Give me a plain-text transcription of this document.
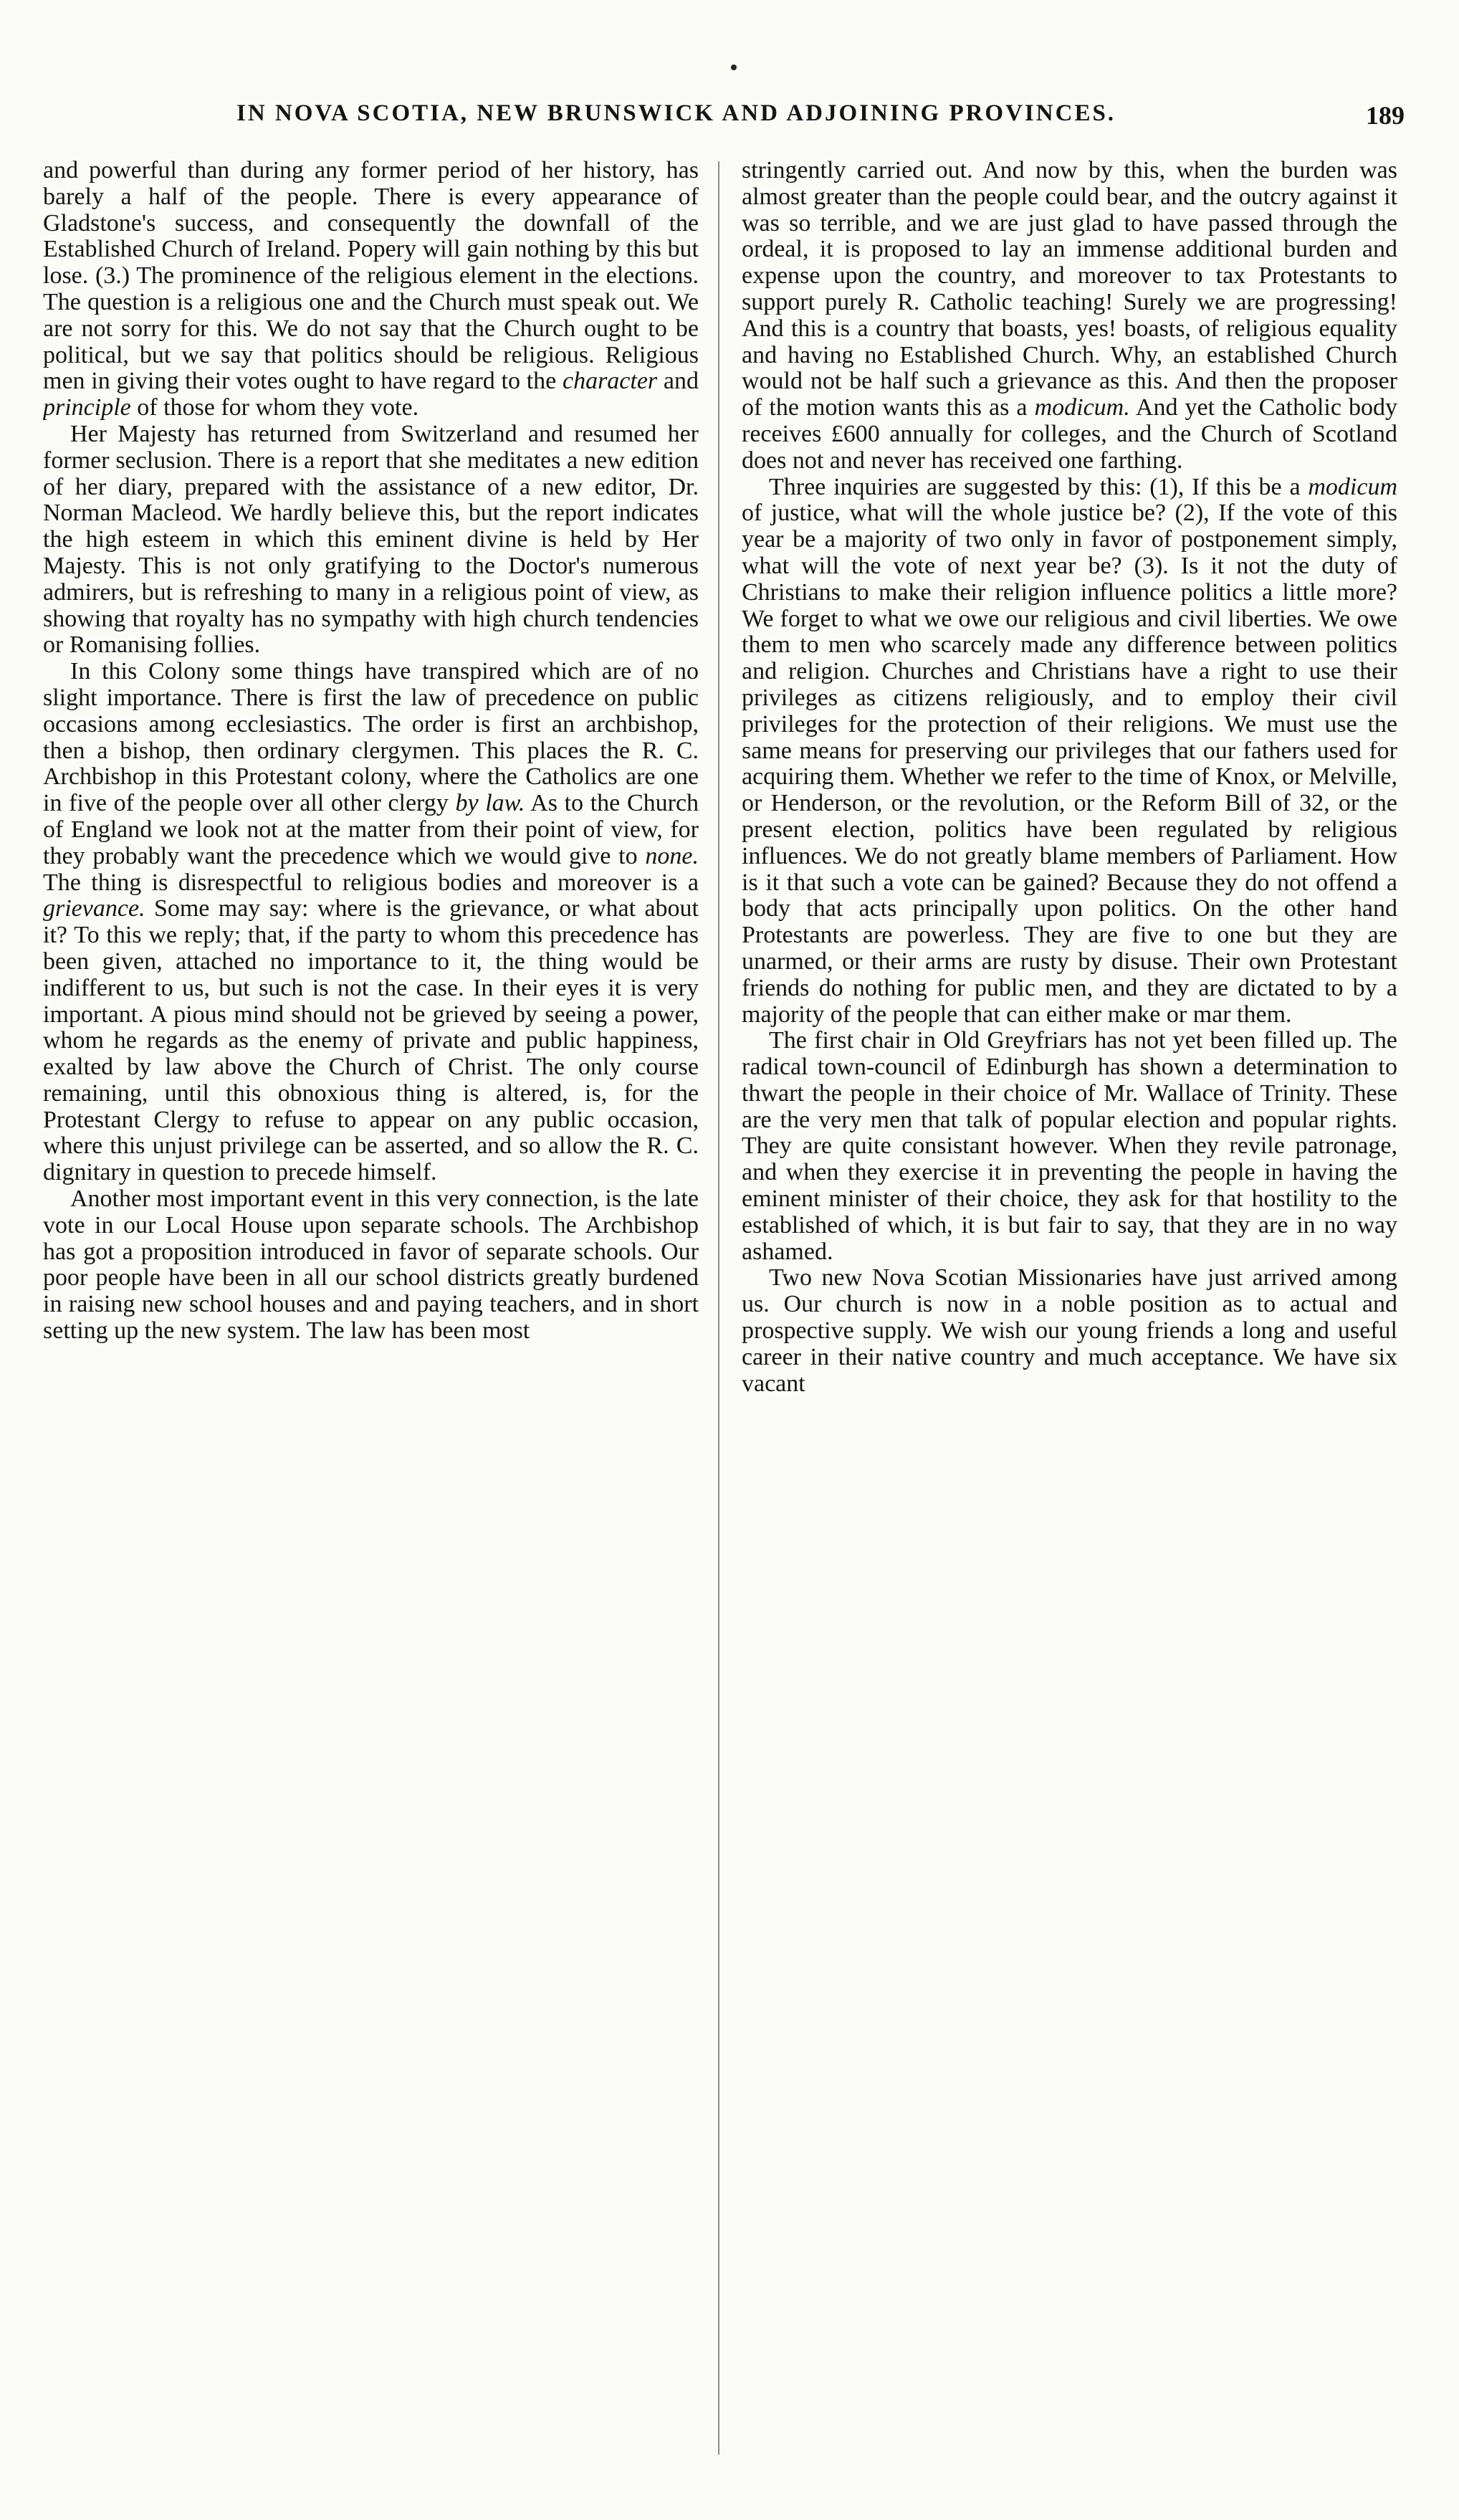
IN NOVA SCOTIA, NEW BRUNSWICK AND ADJOINING PROVINCES.	189

and powerful than during any former period of her history, has barely a half of the people. There is every appearance of Gladstone's success, and consequently the downfall of the Established Church of Ireland. Popery will gain nothing by this but lose. (3.) The prominence of the religious element in the elections. The question is a religious one and the Church must speak out. We are not sorry for this. We do not say that the Church ought to be political, but we say that politics should be religious. Religious men in giving their votes ought to have regard to the character and principle of those for whom they vote.

Her Majesty has returned from Switzerland and resumed her former seclusion. There is a report that she meditates a new edition of her diary, prepared with the assistance of a new editor, Dr. Norman Macleod. We hardly believe this, but the report indicates the high esteem in which this eminent divine is held by Her Majesty. This is not only gratifying to the Doctor's numerous admirers, but is refreshing to many in a religious point of view, as showing that royalty has no sympathy with high church tendencies or Romanising follies.

In this Colony some things have transpired which are of no slight importance. There is first the law of precedence on public occasions among ecclesiastics. The order is first an archbishop, then a bishop, then ordinary clergymen. This places the R. C. Archbishop in this Protestant colony, where the Catholics are one in five of the people over all other clergy by law. As to the Church of England we look not at the matter from their point of view, for they probably want the precedence which we would give to none. The thing is disrespectful to religious bodies and moreover is a grievance. Some may say: where is the grievance, or what about it? To this we reply; that, if the party to whom this precedence has been given, attached no importance to it, the thing would be indifferent to us, but such is not the case. In their eyes it is very important. A pious mind should not be grieved by seeing a power, whom he regards as the enemy of private and public happiness, exalted by law above the Church of Christ. The only course remaining, until this obnoxious thing is altered, is, for the Protestant Clergy to refuse to appear on any public occasion, where this unjust privilege can be asserted, and so allow the R. C. dignitary in question to precede himself.

Another most important event in this very connection, is the late vote in our Local House upon separate schools. The Archbishop has got a proposition introduced in favor of separate schools. Our poor people have been in all our school districts greatly burdened in raising new school houses and and paying teachers, and in short setting up the new system. The law has been most

stringently carried out. And now by this, when the burden was almost greater than the people could bear, and the outcry against it was so terrible, and we are just glad to have passed through the ordeal, it is proposed to lay an immense additional burden and expense upon the country, and moreover to tax Protestants to support purely R. Catholic teaching! Surely we are progressing! And this is a country that boasts, yes! boasts, of religious equality and having no Established Church. Why, an established Church would not be half such a grievance as this. And then the proposer of the motion wants this as a modicum. And yet the Catholic body receives £600 annually for colleges, and the Church of Scotland does not and never has received one farthing.

Three inquiries are suggested by this: (1), If this be a modicum of justice, what will the whole justice be? (2), If the vote of this year be a majority of two only in favor of postponement simply, what will the vote of next year be? (3). Is it not the duty of Christians to make their religion influence politics a little more? We forget to what we owe our religious and civil liberties. We owe them to men who scarcely made any difference between politics and religion. Churches and Christians have a right to use their privileges as citizens religiously, and to employ their civil privileges for the protection of their religions. We must use the same means for preserving our privileges that our fathers used for acquiring them. Whether we refer to the time of Knox, or Melville, or Henderson, or the revolution, or the Reform Bill of 32, or the present election, politics have been regulated by religious influences. We do not greatly blame members of Parliament. How is it that such a vote can be gained? Because they do not offend a body that acts principally upon politics. On the other hand Protestants are powerless. They are five to one but they are unarmed, or their arms are rusty by disuse. Their own Protestant friends do nothing for public men, and they are dictated to by a majority of the people that can either make or mar them.

The first chair in Old Greyfriars has not yet been filled up. The radical town-council of Edinburgh has shown a determination to thwart the people in their choice of Mr. Wallace of Trinity. These are the very men that talk of popular election and popular rights. They are quite consistant however. When they revile patronage, and when they exercise it in preventing the people in having the eminent minister of their choice, they ask for that hostility to the established of which, it is but fair to say, that they are in no way ashamed.

Two new Nova Scotian Missionaries have just arrived among us. Our church is now in a noble position as to actual and prospective supply. We wish our young friends a long and useful career in their native country and much acceptance. We have six vacant
